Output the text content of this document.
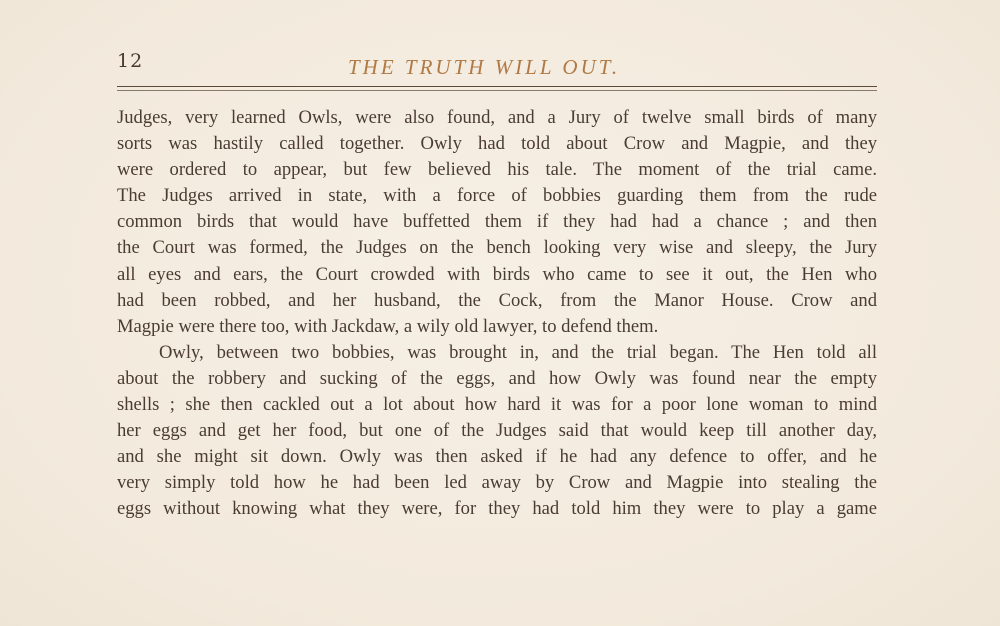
12	THE TRUTH WILL OUT.
Judges, very learned Owls, were also found, and a Jury of twelve small birds of many
sorts was hastily called together. Owly had told about Crow and Magpie, and they
were ordered to appear, but few believed his tale. The moment of the trial came.
The Judges arrived in state, with a force of bobbies guarding them from the rude
common birds that would have buffetted them if they had had a chance ; and then
the Court was formed, the Judges on the bench looking very wise and sleepy, the Jury
all eyes and ears, the Court crowded with birds who came to see it out, the Hen who
had been robbed, and her husband, the Cock, from the Manor House. Crow and
Magpie were there too, with Jackdaw, a wily old lawyer, to defend them.
Owly, between two bobbies, was brought in, and the trial began. The Hen told all
about the robbery and sucking of the eggs, and how Owly was found near the empty
shells ; she then cackled out a lot about how hard it was for a poor lone woman to mind
her eggs and get her food, but one of the Judges said that would keep till another day,
and she might sit down. Owly was then asked if he had any defence to offer, and he
very simply told how he had been led away by Crow and Magpie into stealing the
eggs without knowing what they were, for they had told him they were to play a game
